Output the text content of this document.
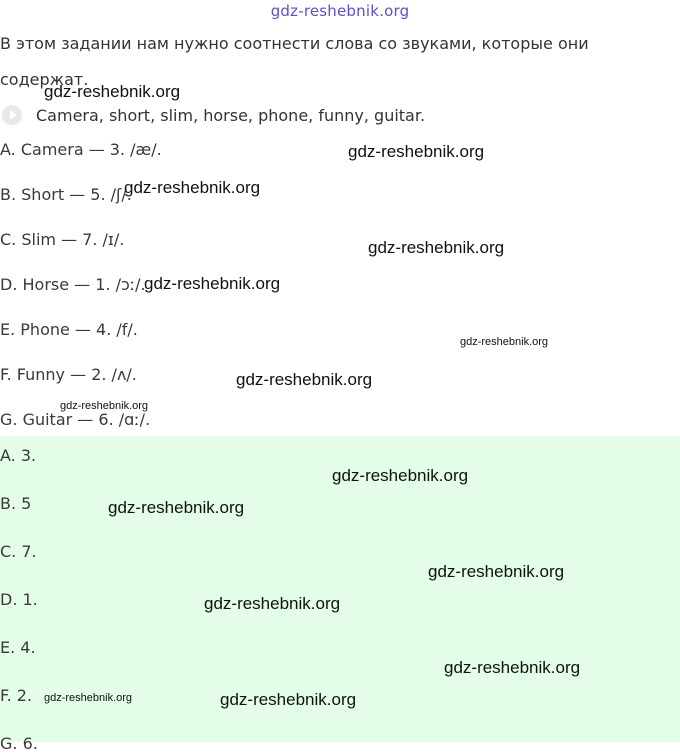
gdz-reshebnik.org
В этом задании нам нужно соотнести слова со звуками, которые они содержат.
Camera, short, slim, horse, phone, funny, guitar.
A. Camera — 3. /æ/.
B. Short — 5. /ʃ/.
C. Slim — 7. /ɪ/.
D. Horse — 1. /ɔː/.
E. Phone — 4. /f/.
F. Funny — 2. /ʌ/.
G. Guitar — 6. /ɑː/.
A. 3.
B. 5
C. 7.
D. 1.
E. 4.
F. 2.
G. 6.
gdz-reshebnik.org
gdz-reshebnik.org
gdz-reshebnik.org
gdz-reshebnik.org
gdz-reshebnik.org
gdz-reshebnik.org
gdz-reshebnik.org
gdz-reshebnik.org
gdz-reshebnik.org
gdz-reshebnik.org
gdz-reshebnik.org
gdz-reshebnik.org
gdz-reshebnik.org
gdz-reshebnik.org	gdz-reshebnik.org
